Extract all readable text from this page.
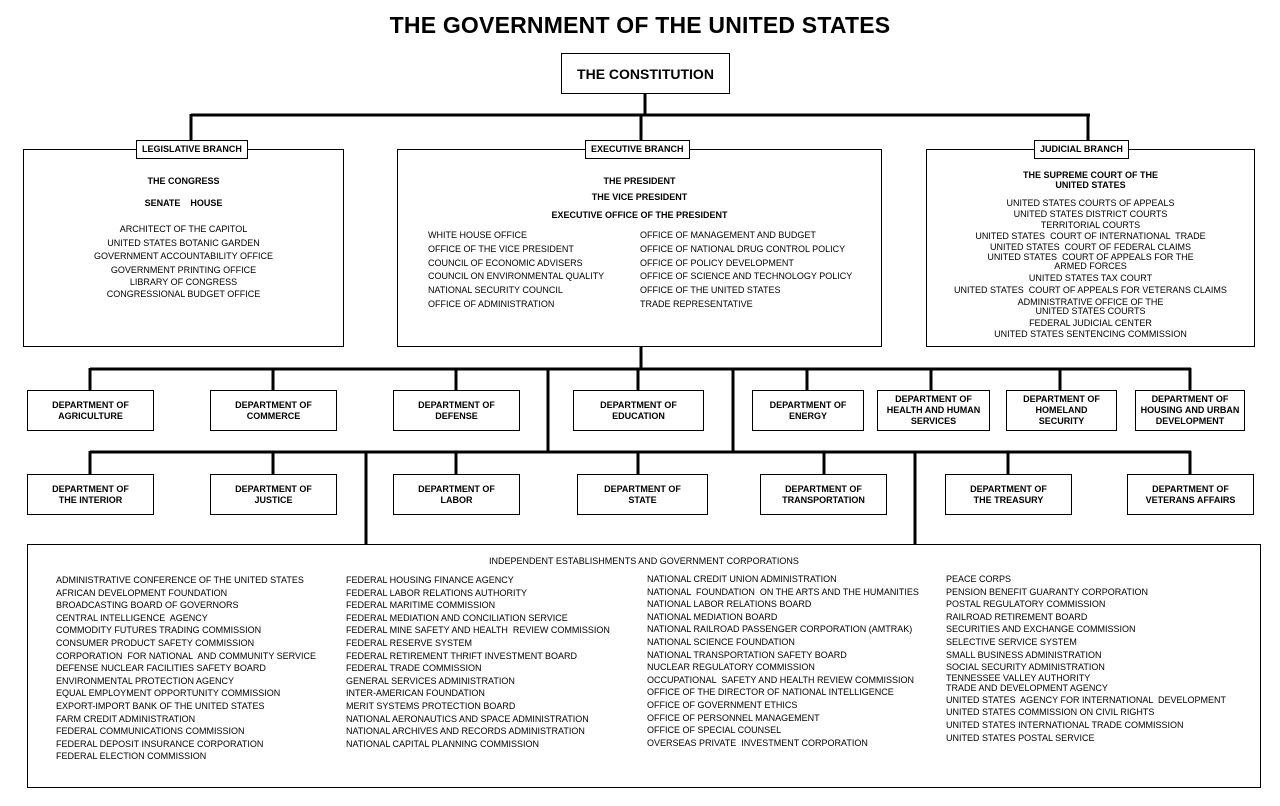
THE GOVERNMENT OF THE UNITED STATES
THE CONSTITUTION
THE CONGRESS
SENATE    HOUSE
ARCHITECT OF THE CAPITOL
UNITED STATES BOTANIC GARDEN
GOVERNMENT ACCOUNTABILITY OFFICE
GOVERNMENT PRINTING OFFICE
LIBRARY OF CONGRESS
CONGRESSIONAL BUDGET OFFICE
LEGISLATIVE BRANCH
THE PRESIDENT
THE VICE PRESIDENT
EXECUTIVE OFFICE OF THE PRESIDENT
WHITE HOUSE OFFICE
OFFICE OF THE VICE PRESIDENT
COUNCIL OF ECONOMIC ADVISERS
COUNCIL ON ENVIRONMENTAL QUALITY
NATIONAL SECURITY COUNCIL
OFFICE OF ADMINISTRATION
OFFICE OF MANAGEMENT AND BUDGET
OFFICE OF NATIONAL DRUG CONTROL POLICY
OFFICE OF POLICY DEVELOPMENT
OFFICE OF SCIENCE AND TECHNOLOGY POLICY
OFFICE OF THE UNITED STATES
TRADE REPRESENTATIVE
EXECUTIVE BRANCH
THE SUPREME COURT OF THE
UNITED STATES
UNITED STATES COURTS OF APPEALS
UNITED STATES DISTRICT COURTS
TERRITORIAL COURTS
UNITED STATES  COURT OF INTERNATIONAL  TRADE
UNITED STATES  COURT OF FEDERAL CLAIMS
UNITED STATES  COURT OF APPEALS FOR THE
ARMED FORCES
UNITED STATES TAX COURT
UNITED STATES  COURT OF APPEALS FOR VETERANS CLAIMS
ADMINISTRATIVE OFFICE OF THE
UNITED STATES COURTS
FEDERAL JUDICIAL CENTER
UNITED STATES SENTENCING COMMISSION
JUDICIAL BRANCH
DEPARTMENT OF
AGRICULTURE
DEPARTMENT OF
COMMERCE
DEPARTMENT OF
DEFENSE
DEPARTMENT OF
EDUCATION
DEPARTMENT OF
ENERGY
DEPARTMENT OF
HEALTH AND HUMAN
SERVICES
DEPARTMENT OF
HOMELAND
SECURITY
DEPARTMENT OF
HOUSING AND URBAN
DEVELOPMENT
DEPARTMENT OF
THE INTERIOR
DEPARTMENT OF
JUSTICE
DEPARTMENT OF
LABOR
DEPARTMENT OF
STATE
DEPARTMENT OF
TRANSPORTATION
DEPARTMENT OF
THE TREASURY
DEPARTMENT OF
VETERANS AFFAIRS
INDEPENDENT ESTABLISHMENTS AND GOVERNMENT CORPORATIONS
ADMINISTRATIVE CONFERENCE OF THE UNITED STATES
AFRICAN DEVELOPMENT FOUNDATION
BROADCASTING BOARD OF GOVERNORS
CENTRAL INTELLIGENCE  AGENCY
COMMODITY FUTURES TRADING COMMISSION
CONSUMER PRODUCT SAFETY COMMISSION
CORPORATION  FOR NATIONAL  AND COMMUNITY SERVICE
DEFENSE NUCLEAR FACILITIES SAFETY BOARD
ENVIRONMENTAL PROTECTION AGENCY
EQUAL EMPLOYMENT OPPORTUNITY COMMISSION
EXPORT-IMPORT BANK OF THE UNITED STATES
FARM CREDIT ADMINISTRATION
FEDERAL COMMUNICATIONS COMMISSION
FEDERAL DEPOSIT INSURANCE CORPORATION
FEDERAL ELECTION COMMISSION
FEDERAL HOUSING FINANCE AGENCY
FEDERAL LABOR RELATIONS AUTHORITY
FEDERAL MARITIME COMMISSION
FEDERAL MEDIATION AND CONCILIATION SERVICE
FEDERAL MINE SAFETY AND HEALTH  REVIEW COMMISSION
FEDERAL RESERVE SYSTEM
FEDERAL RETIREMENT THRIFT INVESTMENT BOARD
FEDERAL TRADE COMMISSION
GENERAL SERVICES ADMINISTRATION
INTER-AMERICAN FOUNDATION
MERIT SYSTEMS PROTECTION BOARD
NATIONAL AERONAUTICS AND SPACE ADMINISTRATION
NATIONAL ARCHIVES AND RECORDS ADMINISTRATION
NATIONAL CAPITAL PLANNING COMMISSION
NATIONAL CREDIT UNION ADMINISTRATION
NATIONAL  FOUNDATION  ON THE ARTS AND THE HUMANITIES
NATIONAL LABOR RELATIONS BOARD
NATIONAL MEDIATION BOARD
NATIONAL RAILROAD PASSENGER CORPORATION (AMTRAK)
NATIONAL SCIENCE FOUNDATION
NATIONAL TRANSPORTATION SAFETY BOARD
NUCLEAR REGULATORY COMMISSION
OCCUPATIONAL  SAFETY AND HEALTH REVIEW COMMISSION
OFFICE OF THE DIRECTOR OF NATIONAL INTELLIGENCE
OFFICE OF GOVERNMENT ETHICS
OFFICE OF PERSONNEL MANAGEMENT
OFFICE OF SPECIAL COUNSEL
OVERSEAS PRIVATE  INVESTMENT CORPORATION
PEACE CORPS
PENSION BENEFIT GUARANTY CORPORATION
POSTAL REGULATORY COMMISSION
RAILROAD RETIREMENT BOARD
SECURITIES AND EXCHANGE COMMISSION
SELECTIVE SERVICE SYSTEM
SMALL BUSINESS ADMINISTRATION
SOCIAL SECURITY ADMINISTRATION
TENNESSEE VALLEY AUTHORITY
TRADE AND DEVELOPMENT AGENCY
UNITED STATES  AGENCY FOR INTERNATIONAL  DEVELOPMENT
UNITED STATES COMMISSION ON CIVIL RIGHTS
UNITED STATES INTERNATIONAL TRADE COMMISSION
UNITED STATES POSTAL SERVICE
